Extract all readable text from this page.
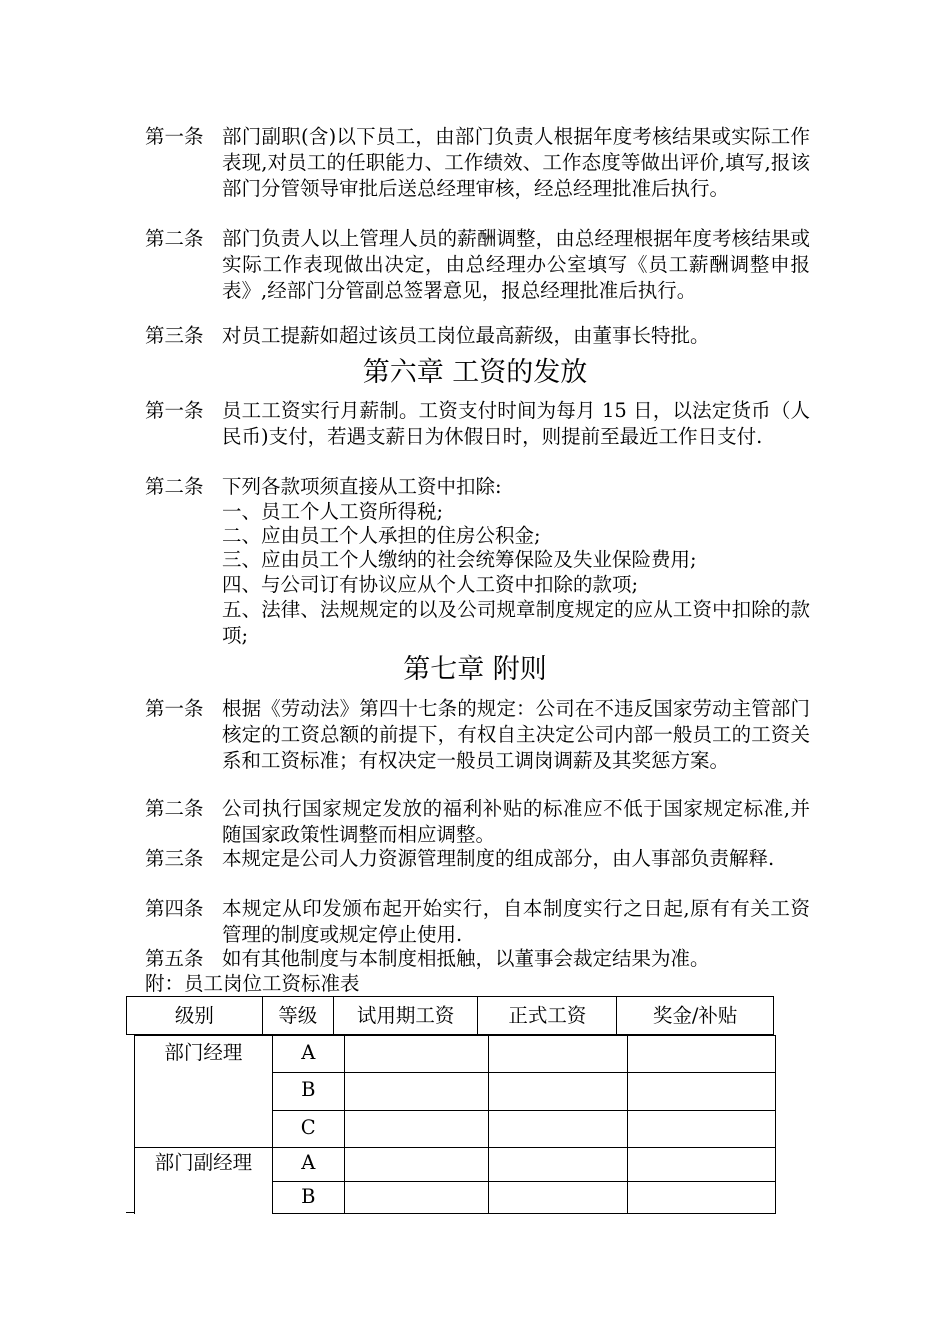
第一条 部门副职(含)以下员工，由部门负责人根据年度考核结果或实际工作表现,对员工的任职能力、工作绩效、工作态度等做出评价,填写,报该部门分管领导审批后送总经理审核，经总经理批准后执行。
第二条 部门负责人以上管理人员的薪酬调整，由总经理根据年度考核结果或实际工作表现做出决定，由总经理办公室填写《员工薪酬调整申报表》,经部门分管副总签署意见，报总经理批准后执行。
第三条 对员工提薪如超过该员工岗位最高薪级，由董事长特批。
第六章 工资的发放
第一条 员工工资实行月薪制。工资支付时间为每月 15 日，以法定货币（人民币)支付，若遇支薪日为休假日时，则提前至最近工作日支付.
第二条 下列各款项须直接从工资中扣除:
一、员工个人工资所得税;
二、应由员工个人承担的住房公积金;
三、应由员工个人缴纳的社会统筹保险及失业保险费用;
四、与公司订有协议应从个人工资中扣除的款项;
五、法律、法规规定的以及公司规章制度规定的应从工资中扣除的款项;
第七章 附则
第一条 根据《劳动法》第四十七条的规定：公司在不违反国家劳动主管部门核定的工资总额的前提下，有权自主决定公司内部一般员工的工资关系和工资标准；有权决定一般员工调岗调薪及其奖惩方案。
第二条 公司执行国家规定发放的福利补贴的标准应不低于国家规定标准,并随国家政策性调整而相应调整。
第三条 本规定是公司人力资源管理制度的组成部分，由人事部负责解释.
第四条 本规定从印发颁布起开始实行，自本制度实行之日起,原有有关工资管理的制度或规定停止使用.
第五条 如有其他制度与本制度相抵触，以董事会裁定结果为准。
附：员工岗位工资标准表
级别	等级	试用期工资	正式工资	奖金/补贴
部门经理	A			
	B			
	C			
部门副经理	A			
	B			
